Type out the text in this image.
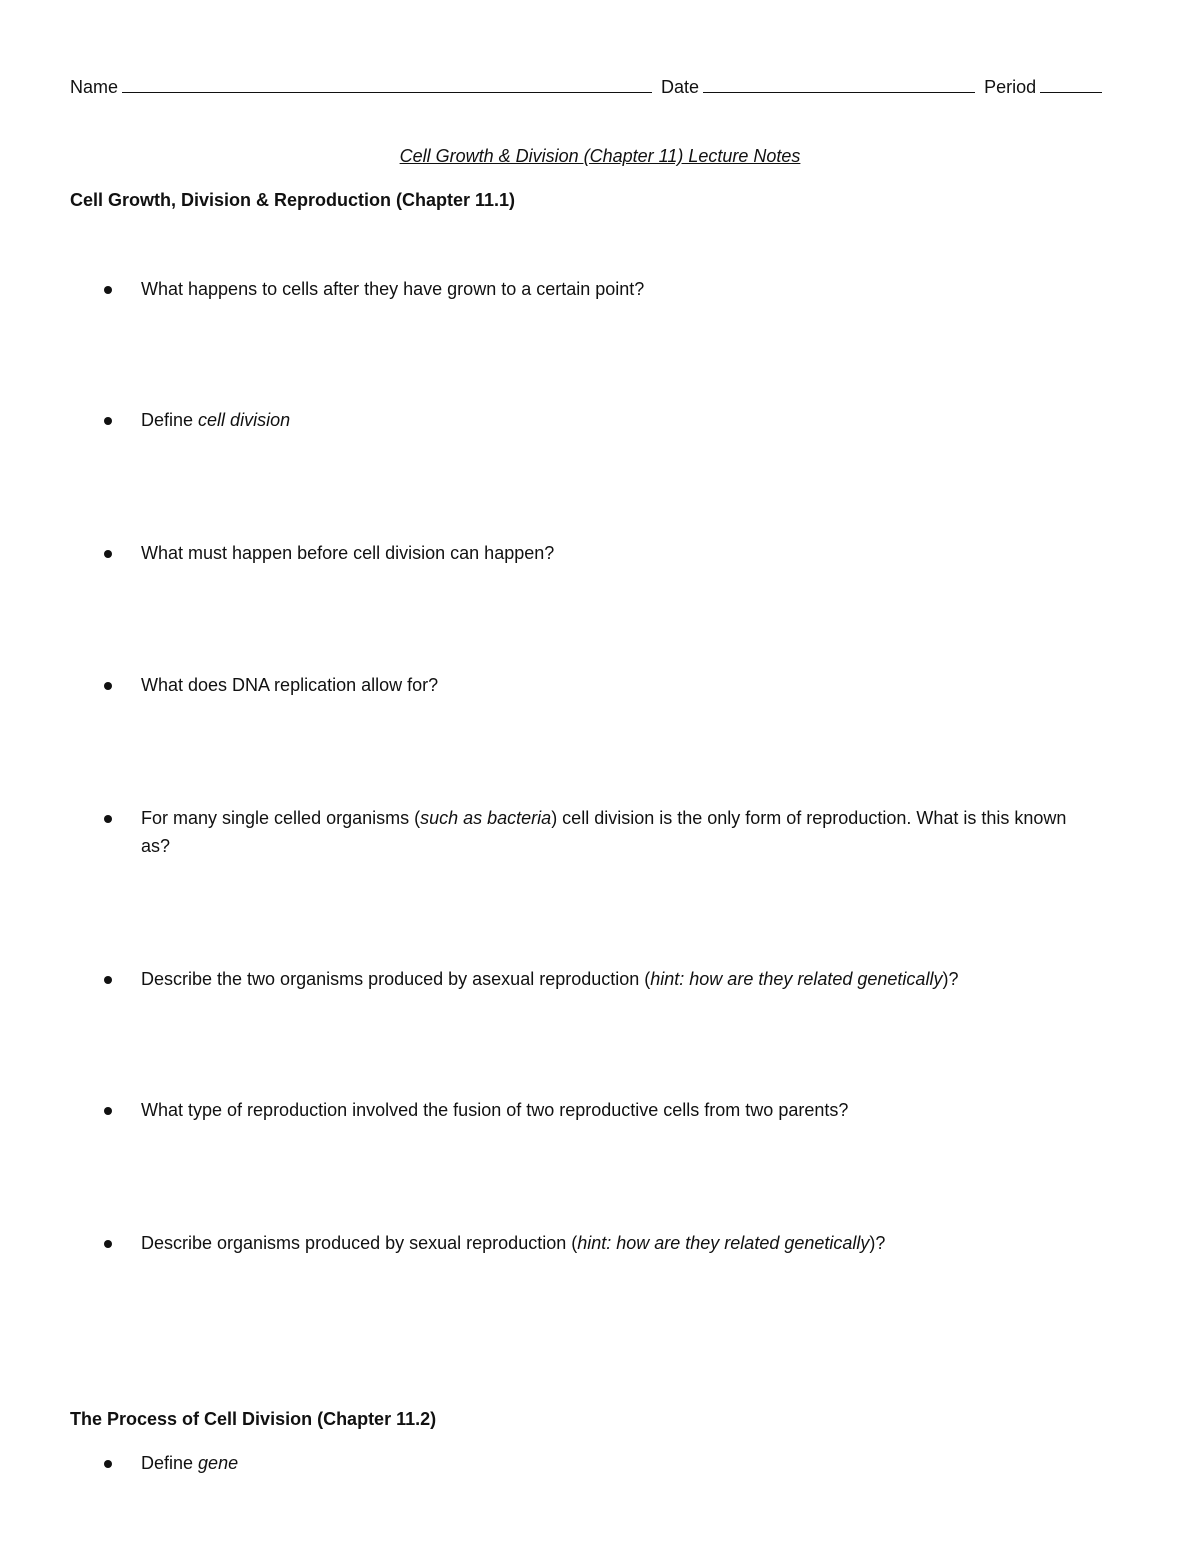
Name	Date	Period
Cell Growth & Division (Chapter 11) Lecture Notes
Cell Growth, Division & Reproduction (Chapter 11.1)
What happens to cells after they have grown to a certain point?
Define cell division
What must happen before cell division can happen?
What does DNA replication allow for?
For many single celled organisms (such as bacteria) cell division is the only form of reproduction. What is this known as?
Describe the two organisms produced by asexual reproduction (hint: how are they related genetically)?
What type of reproduction involved the fusion of two reproductive cells from two parents?
Describe organisms produced by sexual reproduction (hint: how are they related genetically)?
The Process of Cell Division (Chapter 11.2)
Define gene
